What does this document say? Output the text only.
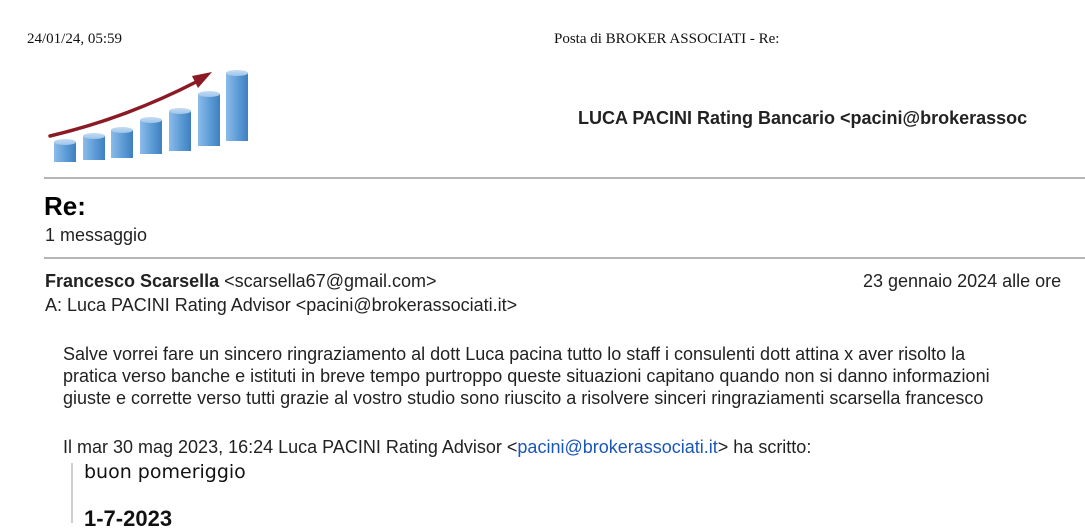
24/01/24, 05:59	Posta di BROKER ASSOCIATI - Re:
LUCA PACINI Rating Bancario <pacini@brokerassoc
Re:
1 messaggio
Francesco Scarsella <scarsella67@gmail.com>	23 gennaio 2024 alle ore
A: Luca PACINI Rating Advisor <pacini@brokerassociati.it>
Salve vorrei fare un sincero ringraziamento al dott Luca pacina tutto lo staff i consulenti dott attina x aver risolto la
pratica verso banche e istituti in breve tempo purtroppo queste situazioni capitano quando non si danno informazioni
giuste e corrette verso tutti grazie al vostro studio sono riuscito a risolvere sinceri ringraziamenti scarsella francesco
Il mar 30 mag 2023, 16:24 Luca PACINI Rating Advisor <pacini@brokerassociati.it> ha scritto:
buon pomeriggio
1-7-2023
